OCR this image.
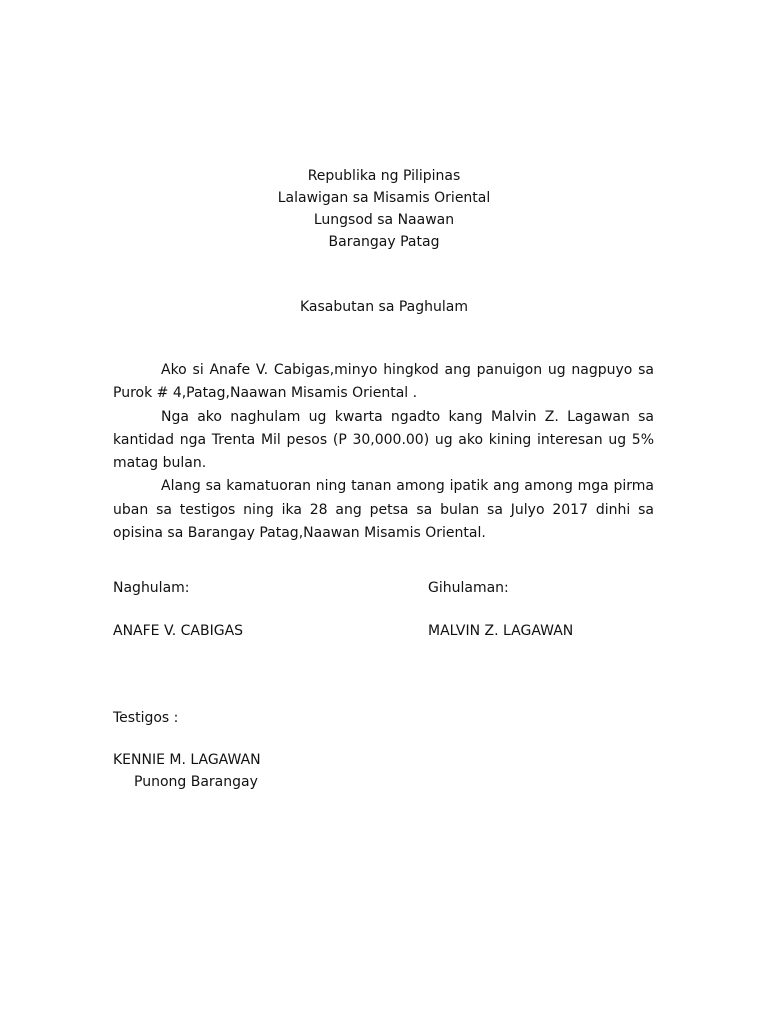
Republika ng Pilipinas
Lalawigan sa Misamis Oriental
Lungsod sa Naawan
Barangay Patag
Kasabutan sa Paghulam

Ako si Anafe V. Cabigas,minyo hingkod ang panuigon ug nagpuyo sa Purok # 4,Patag,Naawan Misamis Oriental .

Nga ako naghulam ug kwarta ngadto kang Malvin Z. Lagawan sa kantidad nga Trenta Mil pesos (P 30,000.00) ug ako kining interesan ug 5% matag bulan.

Alang sa kamatuoran ning tanan among ipatik ang among mga pirma uban sa testigos ning ika 28 ang petsa sa bulan sa Julyo 2017 dinhi sa opisina sa Barangay Patag,Naawan Misamis Oriental.

Naghulam:	Gihulaman:
ANAFE V. CABIGAS	MALVIN Z. LAGAWAN
Testigos :
KENNIE M. LAGAWAN
Punong Barangay
